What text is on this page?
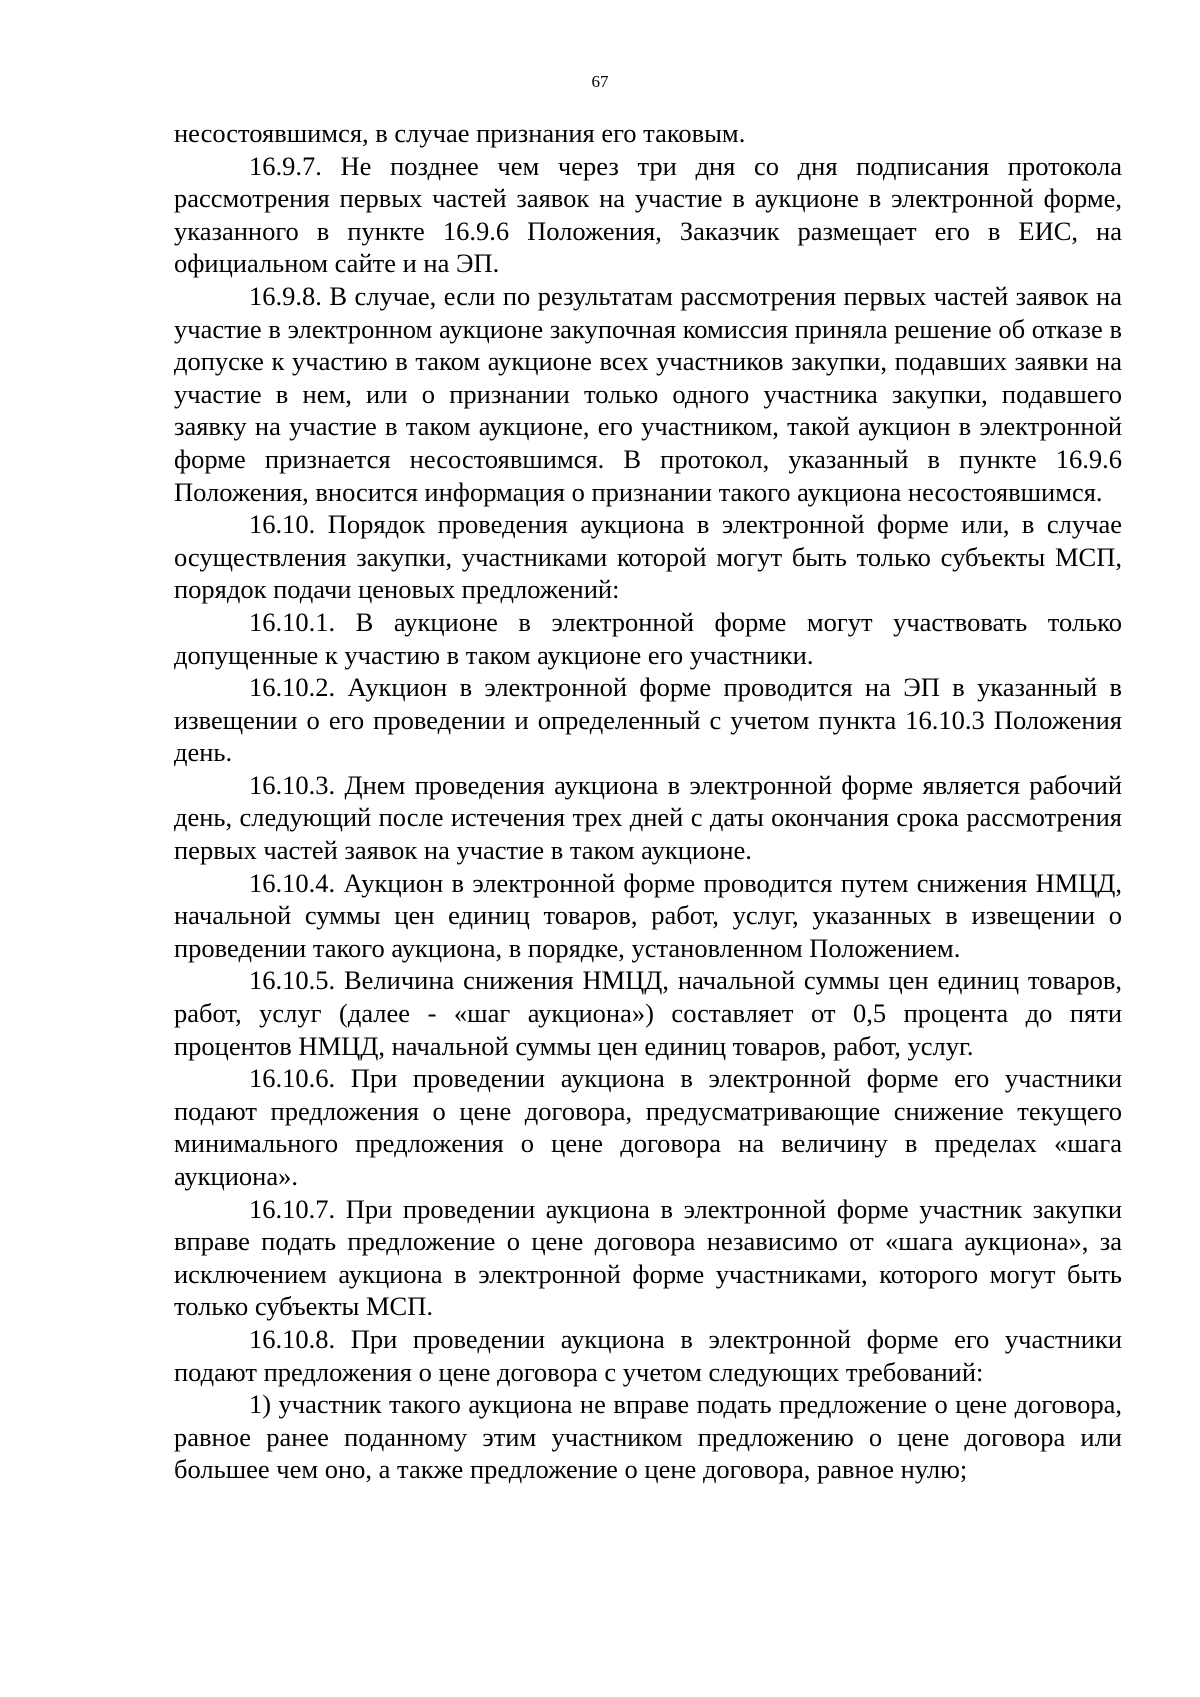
67

несостоявшимся, в случае признания его таковым.

16.9.7. Не позднее чем через три дня со дня подписания протокола рассмотрения первых частей заявок на участие в аукционе в электронной форме, указанного в пункте 16.9.6 Положения, Заказчик размещает его в ЕИС, на официальном сайте и на ЭП.

16.9.8. В случае, если по результатам рассмотрения первых частей заявок на участие в электронном аукционе закупочная комиссия приняла решение об отказе в допуске к участию в таком аукционе всех участников закупки, подавших заявки на участие в нем, или о признании только одного участника закупки, подавшего заявку на участие в таком аукционе, его участником, такой аукцион в электронной форме признается несостоявшимся. В протокол, указанный в пункте 16.9.6 Положения, вносится информация о признании такого аукциона несостоявшимся.

16.10. Порядок проведения аукциона в электронной форме или, в случае осуществления закупки, участниками которой могут быть только субъекты МСП, порядок подачи ценовых предложений:

16.10.1. В аукционе в электронной форме могут участвовать только допущенные к участию в таком аукционе его участники.

16.10.2. Аукцион в электронной форме проводится на ЭП в указанный в извещении о его проведении и определенный с учетом пункта 16.10.3 Положения день.

16.10.3. Днем проведения аукциона в электронной форме является рабочий день, следующий после истечения трех дней с даты окончания срока рассмотрения первых частей заявок на участие в таком аукционе.

16.10.4. Аукцион в электронной форме проводится путем снижения НМЦД, начальной суммы цен единиц товаров, работ, услуг, указанных в извещении о проведении такого аукциона, в порядке, установленном Положением.

16.10.5. Величина снижения НМЦД, начальной суммы цен единиц товаров, работ, услуг (далее - «шаг аукциона») составляет от 0,5 процента до пяти процентов НМЦД, начальной суммы цен единиц товаров, работ, услуг.

16.10.6. При проведении аукциона в электронной форме его участники подают предложения о цене договора, предусматривающие снижение текущего минимального предложения о цене договора на величину в пределах «шага аукциона».

16.10.7. При проведении аукциона в электронной форме участник закупки вправе подать предложение о цене договора независимо от «шага аукциона», за исключением аукциона в электронной форме участниками, которого могут быть только субъекты МСП.

16.10.8. При проведении аукциона в электронной форме его участники подают предложения о цене договора с учетом следующих требований:

1) участник такого аукциона не вправе подать предложение о цене договора, равное ранее поданному этим участником предложению о цене договора или большее чем оно, а также предложение о цене договора, равное нулю;
